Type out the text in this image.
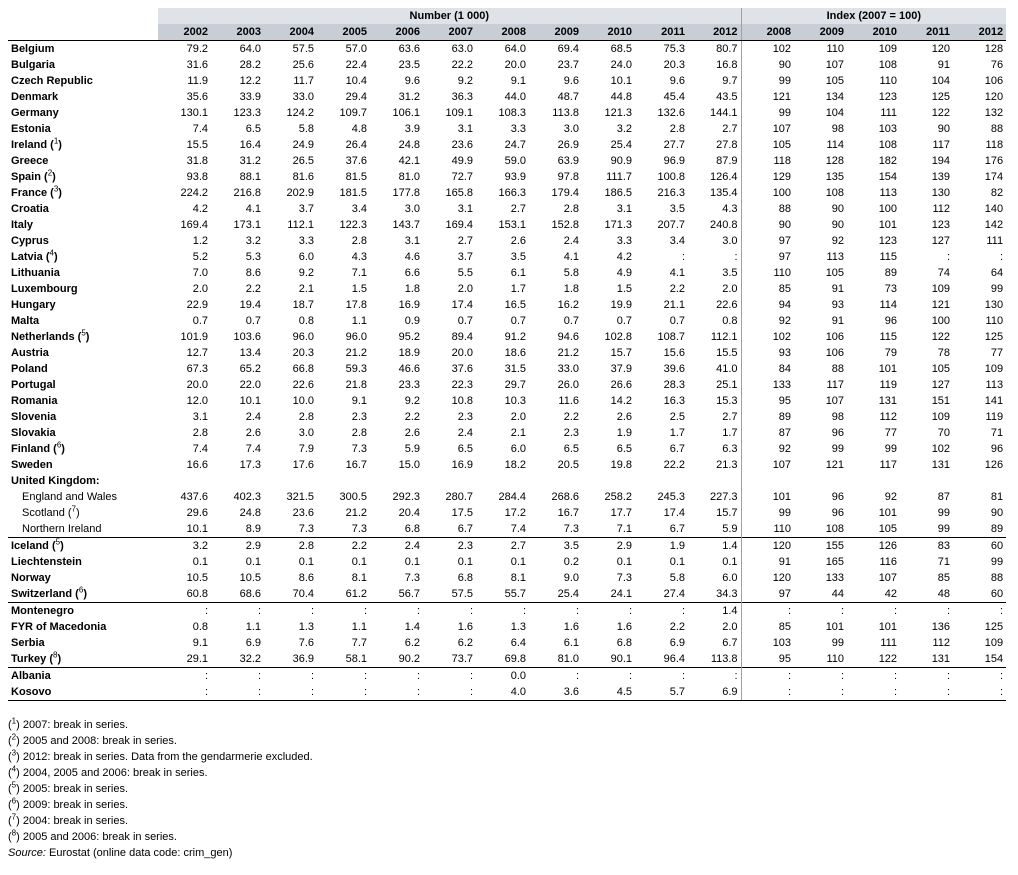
	Number (1 000)											Index (2007 = 100)				
	2002	2003	2004	2005	2006	2007	2008	2009	2010	2011	2012	2008	2009	2010	2011	2012
Belgium	79.2	64.0	57.5	57.0	63.6	63.0	64.0	69.4	68.5	75.3	80.7	102	110	109	120	128
Bulgaria	31.6	28.2	25.6	22.4	23.5	22.2	20.0	23.7	24.0	20.3	16.8	90	107	108	91	76
Czech Republic	11.9	12.2	11.7	10.4	9.6	9.2	9.1	9.6	10.1	9.6	9.7	99	105	110	104	106
Denmark	35.6	33.9	33.0	29.4	31.2	36.3	44.0	48.7	44.8	45.4	43.5	121	134	123	125	120
Germany	130.1	123.3	124.2	109.7	106.1	109.1	108.3	113.8	121.3	132.6	144.1	99	104	111	122	132
Estonia	7.4	6.5	5.8	4.8	3.9	3.1	3.3	3.0	3.2	2.8	2.7	107	98	103	90	88
Ireland ($^1$)	15.5	16.4	24.9	26.4	24.8	23.6	24.7	26.9	25.4	27.7	27.8	105	114	108	117	118
Greece	31.8	31.2	26.5	37.6	42.1	49.9	59.0	63.9	90.9	96.9	87.9	118	128	182	194	176
Spain ($^2$)	93.8	88.1	81.6	81.5	81.0	72.7	93.9	97.8	111.7	100.8	126.4	129	135	154	139	174
France ($^3$)	224.2	216.8	202.9	181.5	177.8	165.8	166.3	179.4	186.5	216.3	135.4	100	108	113	130	82
Croatia	4.2	4.1	3.7	3.4	3.0	3.1	2.7	2.8	3.1	3.5	4.3	88	90	100	112	140
Italy	169.4	173.1	112.1	122.3	143.7	169.4	153.1	152.8	171.3	207.7	240.8	90	90	101	123	142
Cyprus	1.2	3.2	3.3	2.8	3.1	2.7	2.6	2.4	3.3	3.4	3.0	97	92	123	127	111
Latvia ($^4$)	5.2	5.3	6.0	4.3	4.6	3.7	3.5	4.1	4.2	:	:	97	113	115	:	:
Lithuania	7.0	8.6	9.2	7.1	6.6	5.5	6.1	5.8	4.9	4.1	3.5	110	105	89	74	64
Luxembourg	2.0	2.2	2.1	1.5	1.8	2.0	1.7	1.8	1.5	2.2	2.0	85	91	73	109	99
Hungary	22.9	19.4	18.7	17.8	16.9	17.4	16.5	16.2	19.9	21.1	22.6	94	93	114	121	130
Malta	0.7	0.7	0.8	1.1	0.9	0.7	0.7	0.7	0.7	0.7	0.8	92	91	96	100	110
Netherlands ($^5$)	101.9	103.6	96.0	96.0	95.2	89.4	91.2	94.6	102.8	108.7	112.1	102	106	115	122	125
Austria	12.7	13.4	20.3	21.2	18.9	20.0	18.6	21.2	15.7	15.6	15.5	93	106	79	78	77
Poland	67.3	65.2	66.8	59.3	46.6	37.6	31.5	33.0	37.9	39.6	41.0	84	88	101	105	109
Portugal	20.0	22.0	22.6	21.8	23.3	22.3	29.7	26.0	26.6	28.3	25.1	133	117	119	127	113
Romania	12.0	10.1	10.0	9.1	9.2	10.8	10.3	11.6	14.2	16.3	15.3	95	107	131	151	141
Slovenia	3.1	2.4	2.8	2.3	2.2	2.3	2.0	2.2	2.6	2.5	2.7	89	98	112	109	119
Slovakia	2.8	2.6	3.0	2.8	2.6	2.4	2.1	2.3	1.9	1.7	1.7	87	96	77	70	71
Finland ($^6$)	7.4	7.4	7.9	7.3	5.9	6.5	6.0	6.5	6.5	6.7	6.3	92	99	99	102	96
Sweden	16.6	17.3	17.6	16.7	15.0	16.9	18.2	20.5	19.8	22.2	21.3	107	121	117	131	126
United Kingdom:																
England and Wales	437.6	402.3	321.5	300.5	292.3	280.7	284.4	268.6	258.2	245.3	227.3	101	96	92	87	81
Scotland ($^7$)	29.6	24.8	23.6	21.2	20.4	17.5	17.2	16.7	17.7	17.4	15.7	99	96	101	99	90
Northern Ireland	10.1	8.9	7.3	7.3	6.8	6.7	7.4	7.3	7.1	6.7	5.9	110	108	105	99	89
Iceland ($^5$)	3.2	2.9	2.8	2.2	2.4	2.3	2.7	3.5	2.9	1.9	1.4	120	155	126	83	60
Liechtenstein	0.1	0.1	0.1	0.1	0.1	0.1	0.1	0.2	0.1	0.1	0.1	91	165	116	71	99
Norway	10.5	10.5	8.6	8.1	7.3	6.8	8.1	9.0	7.3	5.8	6.0	120	133	107	85	88
Switzerland ($^6$)	60.8	68.6	70.4	61.2	56.7	57.5	55.7	25.4	24.1	27.4	34.3	97	44	42	48	60
Montenegro	:	:	:	:	:	:	:	:	:	:	1.4	:	:	:	:	:
FYR of Macedonia	0.8	1.1	1.3	1.1	1.4	1.6	1.3	1.6	1.6	2.2	2.0	85	101	101	136	125
Serbia	9.1	6.9	7.6	7.7	6.2	6.2	6.4	6.1	6.8	6.9	6.7	103	99	111	112	109
Turkey ($^8$)	29.1	32.2	36.9	58.1	90.2	73.7	69.8	81.0	90.1	96.4	113.8	95	110	122	131	154
Albania	:	:	:	:	:	:	0.0	:	:	:	:	:	:	:	:	:
Kosovo	:	:	:	:	:	:	4.0	3.6	4.5	5.7	6.9	:	:	:	:	:
($^1$) 2007: break in series.
($^2$) 2005 and 2008: break in series.
($^3$) 2012: break in series. Data from the gendarmerie excluded.
($^4$) 2004, 2005 and 2006: break in series.
($^5$) 2005: break in series.
($^6$) 2009: break in series.
($^7$) 2004: break in series.
($^8$) 2005 and 2006: break in series.
Source: Eurostat (online data code: crim_gen)
